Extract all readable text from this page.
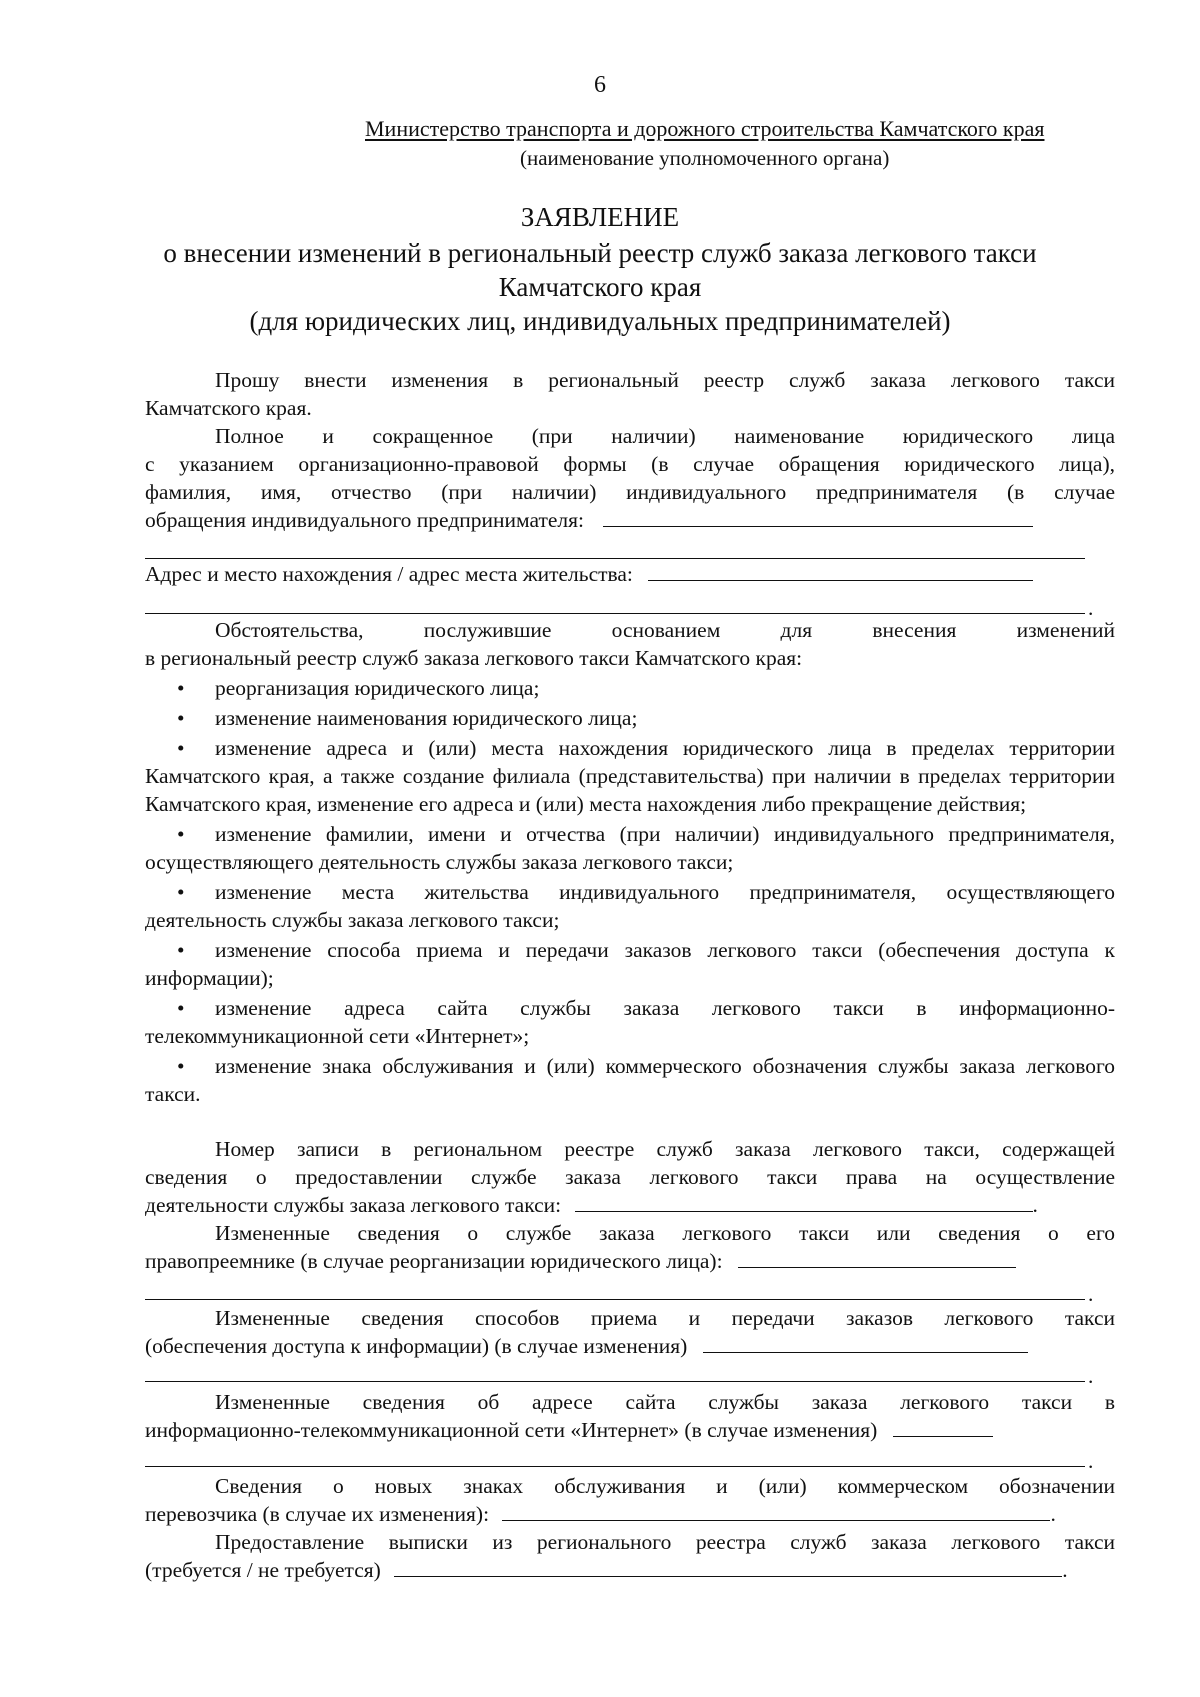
6
Министерство транспорта и дорожного строительства Камчатского края
(наименование уполномоченного органа)
ЗАЯВЛЕНИЕ
о внесении изменений в региональный реестр служб заказа легкового такси
Камчатского края
(для юридических лиц, индивидуальных предпринимателей)

Прошу внести изменения в региональный реестр служб заказа легкового такси

Камчатского края.

Полное и сокращенное (при наличии) наименование юридического лица

с указанием организационно-правовой формы (в случае обращения юридического лица),

фамилия, имя, отчество (при наличии) индивидуального предпринимателя (в случае

обращения индивидуального предпринимателя:

Адрес и место нахождения / адрес места жительства:

.

Обстоятельства, послужившие основанием для внесения изменений

в региональный реестр служб заказа легкового такси Камчатского края:

•	реорганизация юридического лица;
•	изменение наименования юридического лица;
•	изменение адреса и (или) места нахождения юридического лица в пределах территории Камчатского края, а также создание филиала (представительства) при наличии в пределах территории Камчатского края, изменение его адреса и (или) места нахождения либо прекращение действия;
•	изменение фамилии, имени и отчества (при наличии) индивидуального предпринимателя, осуществляющего деятельность службы заказа легкового такси;
•	изменение места жительства индивидуального предпринимателя, осуществляющего деятельность службы заказа легкового такси;
•	изменение способа приема и передачи заказов легкового такси (обеспечения доступа к информации);
•	изменение адреса сайта службы заказа легкового такси в информационно-телекоммуникационной сети «Интернет»;
•	изменение знака обслуживания и (или) коммерческого обозначения службы заказа легкового такси.

Номер записи в региональном реестре служб заказа легкового такси, содержащей

сведения о предоставлении службе заказа легкового такси права на осуществление

деятельности службы заказа легкового такси:	.

Измененные сведения о службе заказа легкового такси или сведения о его

правопреемнике (в случае реорганизации юридического лица):

.

Измененные сведения способов приема и передачи заказов легкового такси

(обеспечения доступа к информации) (в случае изменения)

.

Измененные сведения об адресе сайта службы заказа легкового такси в

информационно-телекоммуникационной сети «Интернет» (в случае изменения)

.

Сведения о новых знаках обслуживания и (или) коммерческом обозначении

перевозчика (в случае их изменения):	.

Предоставление выписки из регионального реестра служб заказа легкового такси

(требуется / не требуется)	.
